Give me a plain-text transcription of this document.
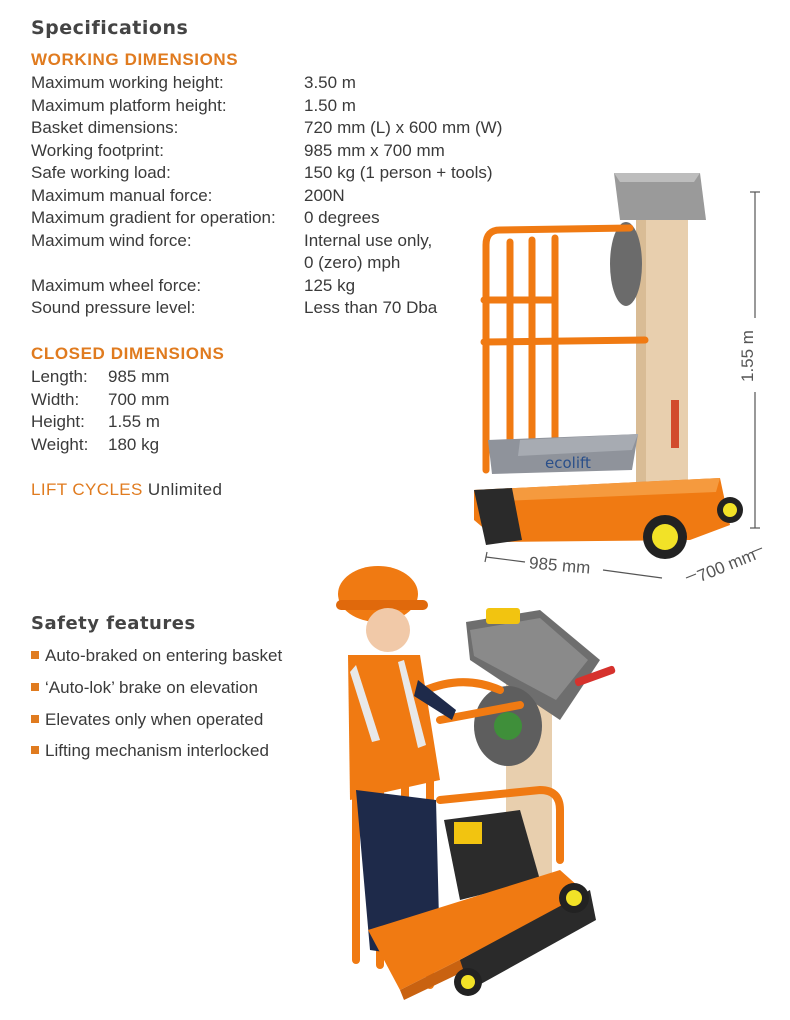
Specifications
WORKING DIMENSIONS
Maximum working height:	3.50 m
Maximum platform height:	1.50 m
Basket dimensions:	720 mm (L) x 600 mm (W)
Working footprint:	985 mm x 700 mm
Safe working load:	150 kg (1 person + tools)
Maximum manual force:	200N
Maximum gradient for operation: 0 degrees
Maximum wind force:	Internal use only,
0 (zero) mph
Maximum wheel force:	125 kg
Sound pressure level:	Less than 70 Dba
CLOSED DIMENSIONS
Length: 985 mm
Width: 700 mm
Height: 1.55 m
Weight: 180 kg
LIFT CYCLES Unlimited
Safety features
Auto-braked on entering basket
‘Auto-lok’ brake on elevation
Elevates only when operated
Lifting mechanism interlocked
ecolift
1.55 m
985 mm	700 mm
